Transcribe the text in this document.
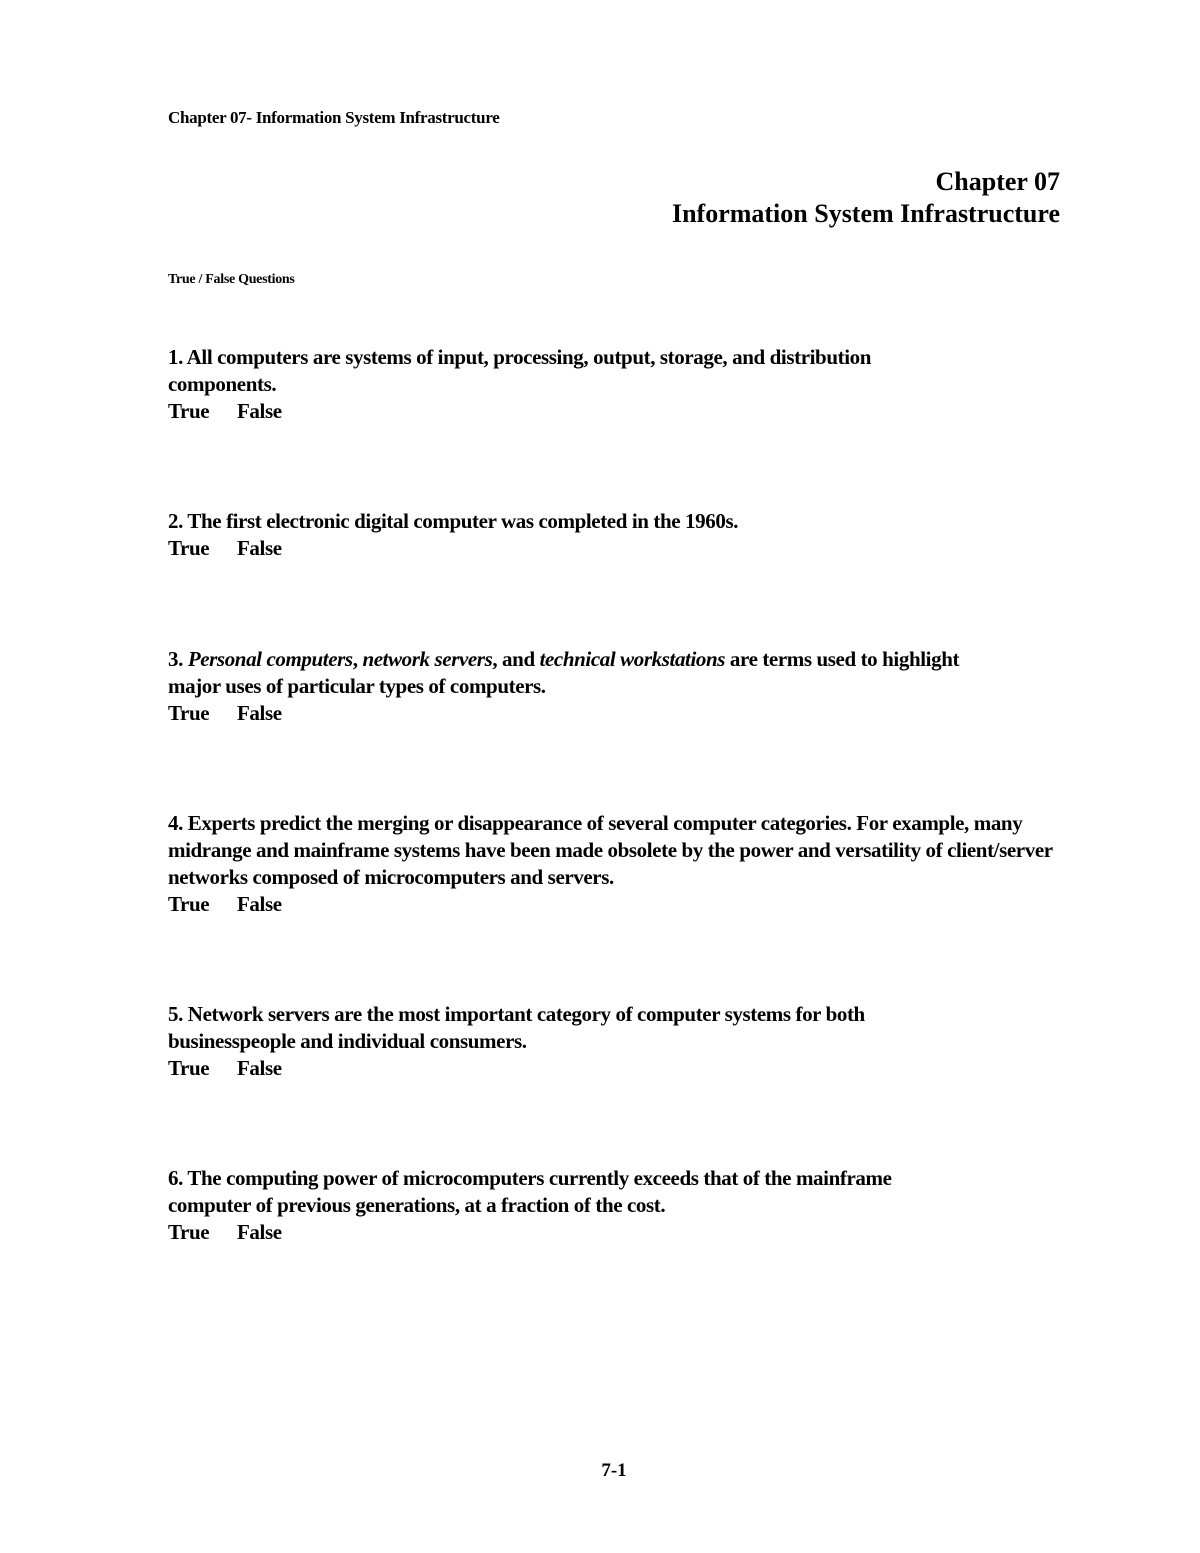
Chapter 07- Information System Infrastructure
Chapter 07
Information System Infrastructure
True / False Questions
1. All computers are systems of input, processing, output, storage, and distribution components.
True False
2. The first electronic digital computer was completed in the 1960s.
True False
3. Personal computers, network servers, and technical workstations are terms used to highlight major uses of particular types of computers.
True False
4. Experts predict the merging or disappearance of several computer categories. For example, many midrange and mainframe systems have been made obsolete by the power and versatility of client/server networks composed of microcomputers and servers.
True False
5. Network servers are the most important category of computer systems for both businesspeople and individual consumers.
True False
6. The computing power of microcomputers currently exceeds that of the mainframe computer of previous generations, at a fraction of the cost.
True False
7-1
